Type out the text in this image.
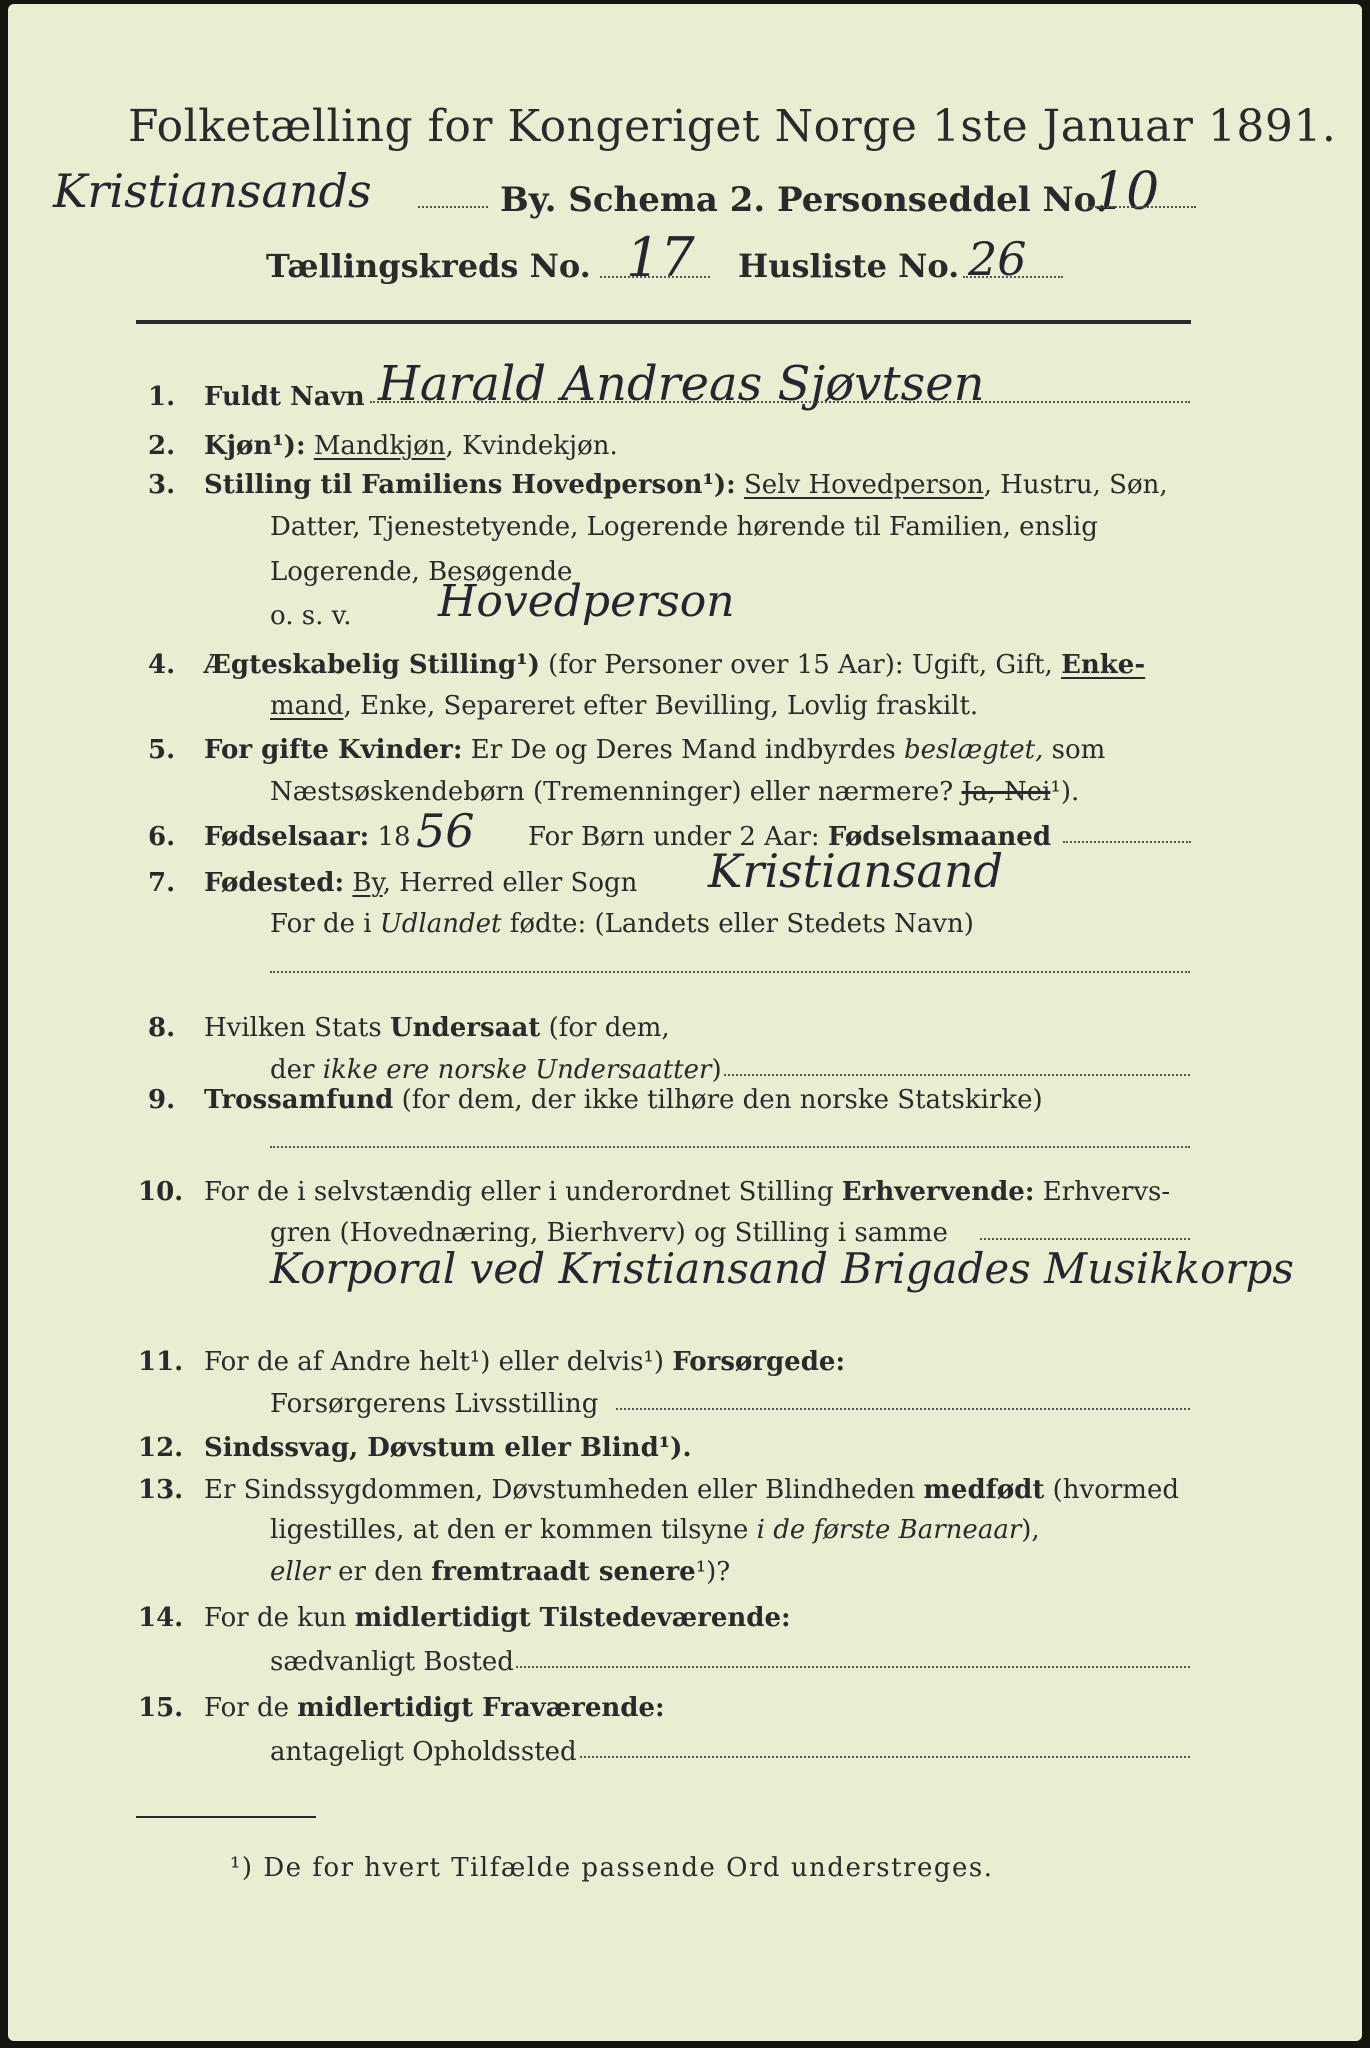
Folketælling for Kongeriget Norge 1ste Januar 1891.
Kristiansands	By. Schema 2. Personseddel No.
10
Tællingskreds No. 17 Husliste No. 26
1. Fuldt Navn Harald Andreas Sjøvtsen
2. Kjøn¹): Mandkjøn, Kvindekjøn.
3. Stilling til Familiens Hovedperson¹): Selv Hovedperson, Hustru, Søn,
Datter, Tjenestetyende, Logerende hørende til Familien, enslig
Logerende, Besøgende
o. s. v. Hovedperson
4. Ægteskabelig Stilling¹) (for Personer over 15 Aar): Ugift, Gift, Enke-
mand, Enke, Separeret efter Bevilling, Lovlig fraskilt.
5. For gifte Kvinder: Er De og Deres Mand indbyrdes beslægtet, som
Næstsøskendebørn (Tremenninger) eller nærmere? Ja, Nei¹).
6. Fødselsaar: 18 56 For Børn under 2 Aar: Fødselsmaaned
7. Fødested: By, Herred eller Sogn Kristiansand
For de i Udlandet fødte: (Landets eller Stedets Navn)
8. Hvilken Stats Undersaat (for dem,
der ikke ere norske Undersaatter)
9. Trossamfund (for dem, der ikke tilhøre den norske Statskirke)
10. For de i selvstændig eller i underordnet Stilling Erhvervende: Erhvervs-
gren (Hovednæring, Bierhverv) og Stilling i samme
Korporal ved Kristiansand Brigades Musikkorps
11. For de af Andre helt¹) eller delvis¹) Forsørgede:
Forsørgerens Livsstilling
12. Sindssvag, Døvstum eller Blind¹).
13. Er Sindssygdommen, Døvstumheden eller Blindheden medfødt (hvormed
ligestilles, at den er kommen tilsyne i de første Barneaar),
eller er den fremtraadt senere¹)?
14. For de kun midlertidigt Tilstedeværende:
sædvanligt Bosted
15. For de midlertidigt Fraværende:
antageligt Opholdssted
¹) De for hvert Tilfælde passende Ord understreges.
